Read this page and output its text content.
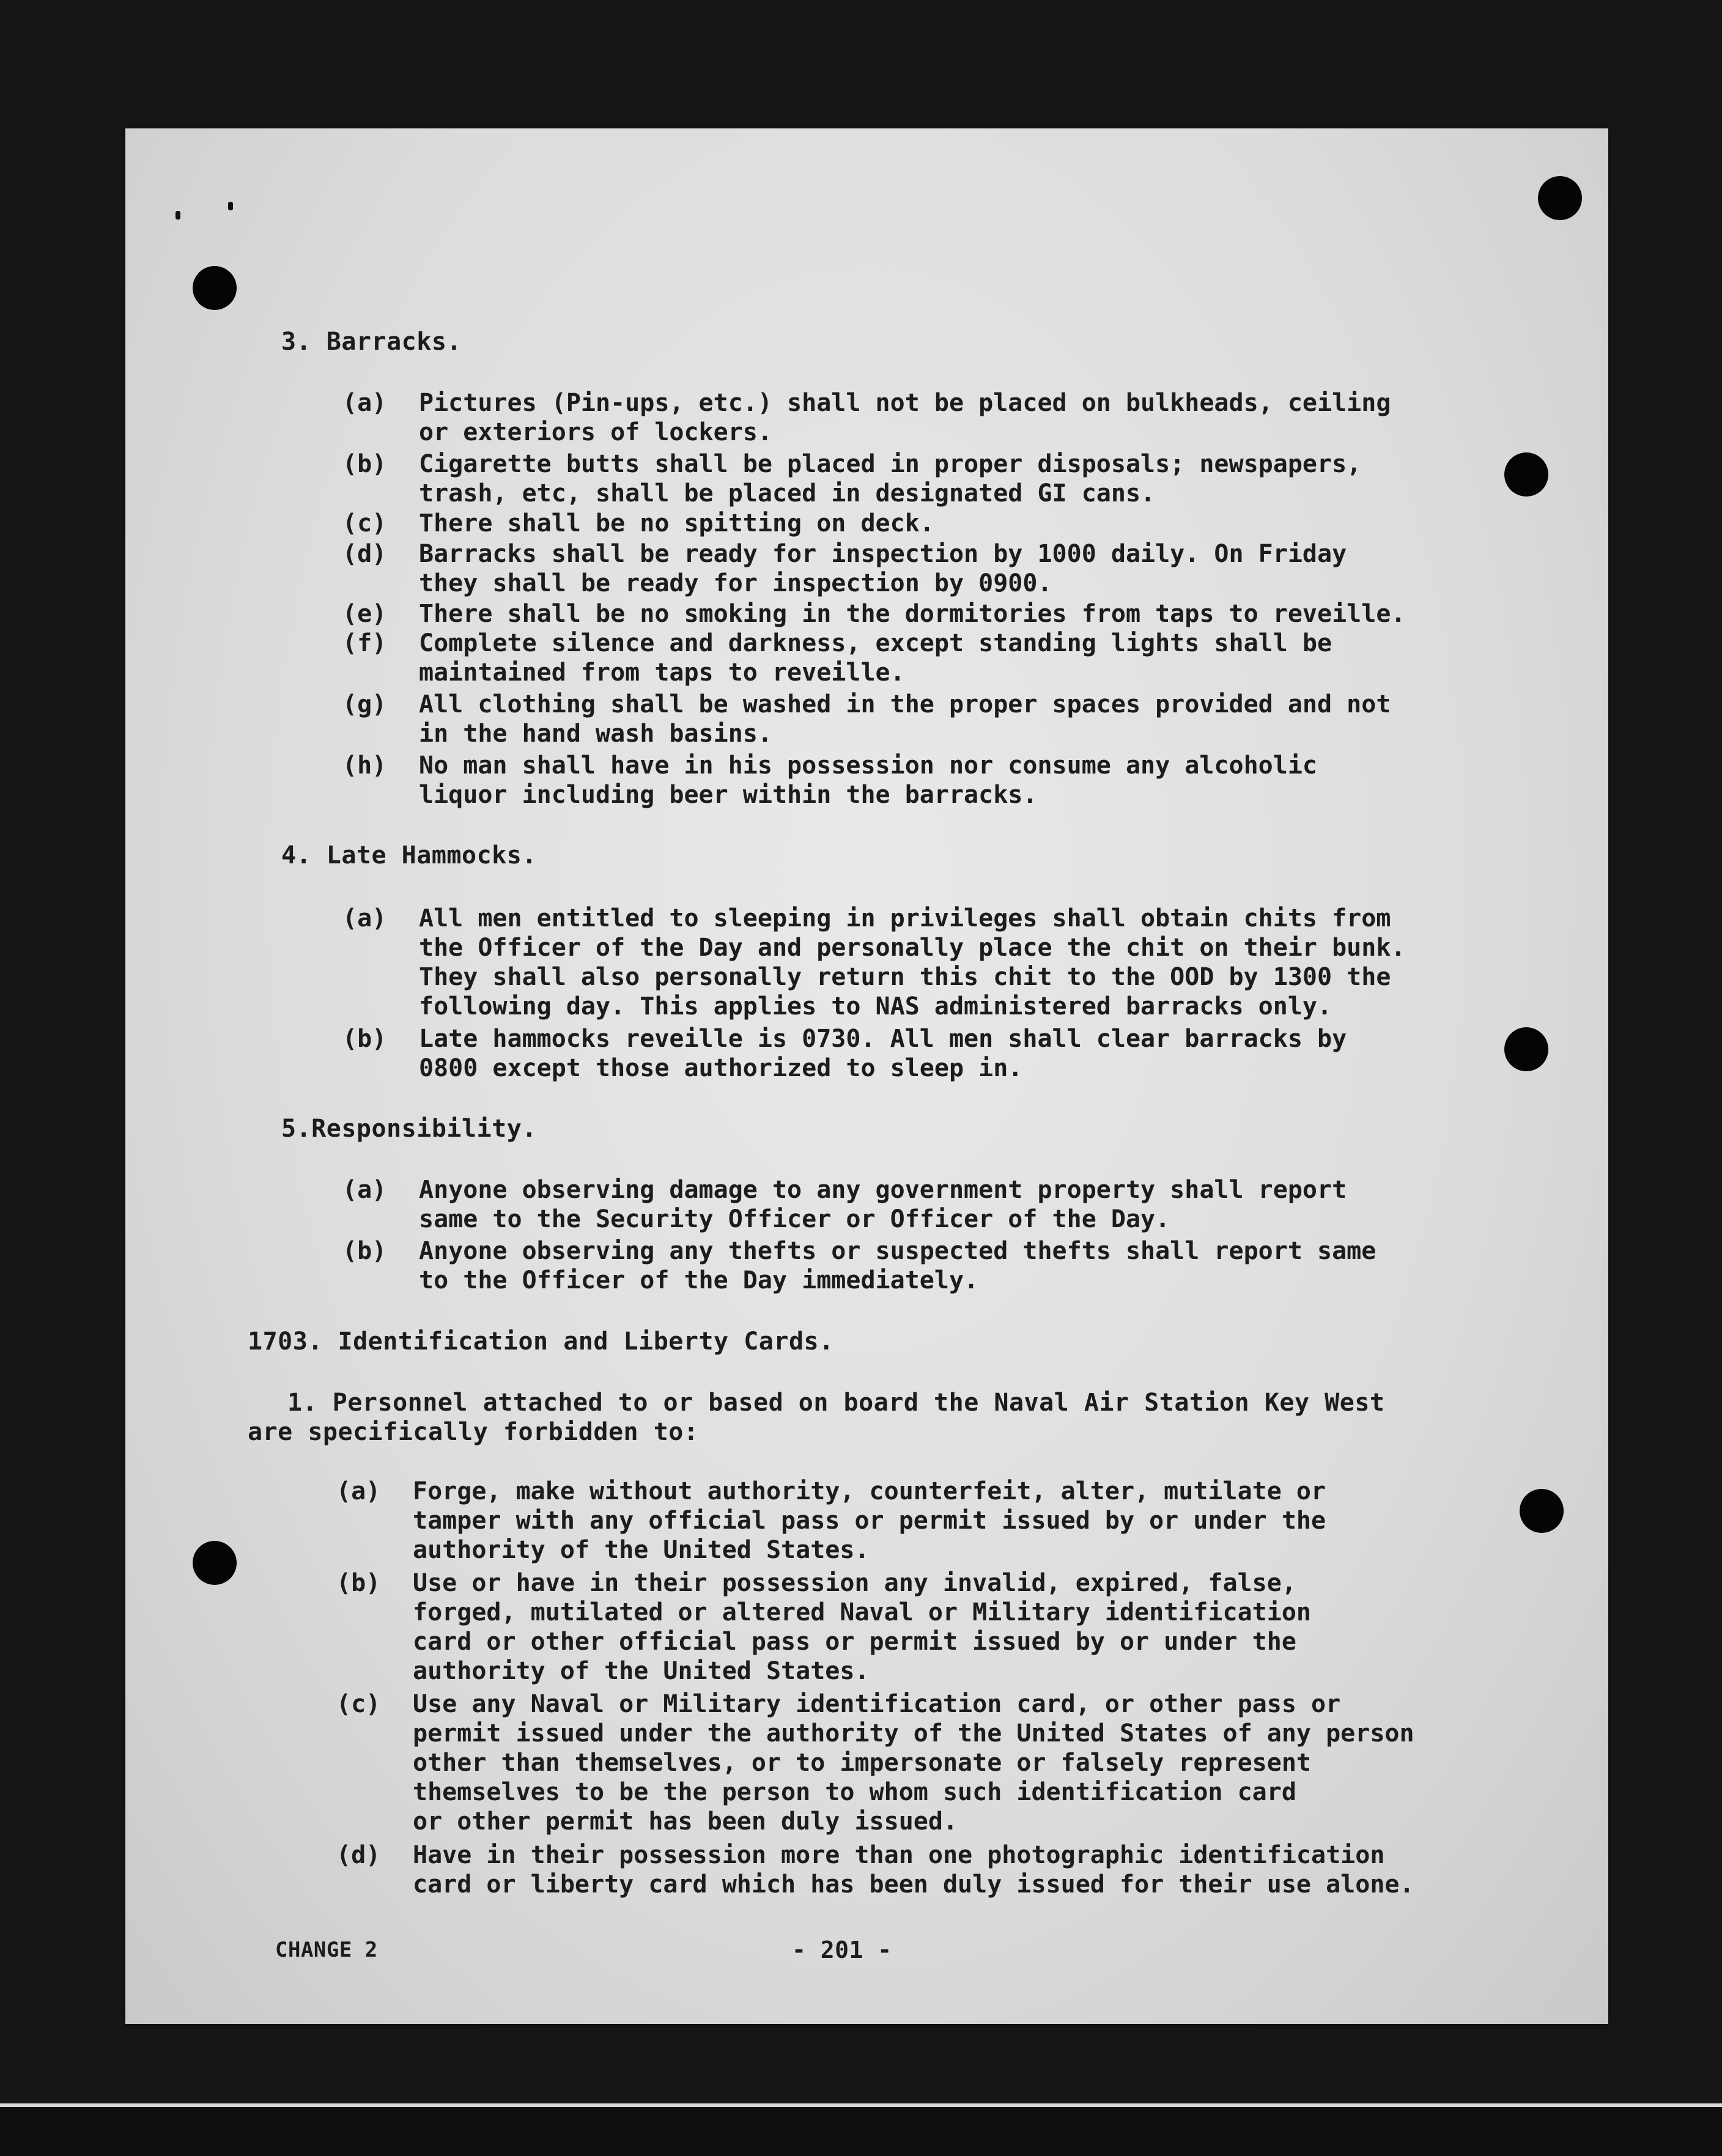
3. Barracks.
(a) Pictures (Pin-ups, etc.) shall not be placed on bulkheads, ceiling
or exteriors of lockers.
(b) Cigarette butts shall be placed in proper disposals; newspapers,
trash, etc, shall be placed in designated GI cans.
(c) There shall be no spitting on deck.
(d) Barracks shall be ready for inspection by 1000 daily. On Friday
they shall be ready for inspection by 0900.
(e) There shall be no smoking in the dormitories from taps to reveille.
(f) Complete silence and darkness, except standing lights shall be
maintained from taps to reveille.
(g) All clothing shall be washed in the proper spaces provided and not
in the hand wash basins.
(h) No man shall have in his possession nor consume any alcoholic
liquor including beer within the barracks.
4. Late Hammocks.
(a) All men entitled to sleeping in privileges shall obtain chits from
the Officer of the Day and personally place the chit on their bunk.
They shall also personally return this chit to the OOD by 1300 the
following day. This applies to NAS administered barracks only.
(b) Late hammocks reveille is 0730. All men shall clear barracks by
0800 except those authorized to sleep in.
5.Responsibility.
(a) Anyone observing damage to any government property shall report
same to the Security Officer or Officer of the Day.
(b) Anyone observing any thefts or suspected thefts shall report same
to the Officer of the Day immediately.
1703. Identification and Liberty Cards.
1. Personnel attached to or based on board the Naval Air Station Key West
are specifically forbidden to:
(a) Forge, make without authority, counterfeit, alter, mutilate or
tamper with any official pass or permit issued by or under the
authority of the United States.
(b) Use or have in their possession any invalid, expired, false,
forged, mutilated or altered Naval or Military identification
card or other official pass or permit issued by or under the
authority of the United States.
(c) Use any Naval or Military identification card, or other pass or
permit issued under the authority of the United States of any person
other than themselves, or to impersonate or falsely represent
themselves to be the person to whom such identification card
or other permit has been duly issued.
(d) Have in their possession more than one photographic identification
card or liberty card which has been duly issued for their use alone.
CHANGE 2	- 201 -
